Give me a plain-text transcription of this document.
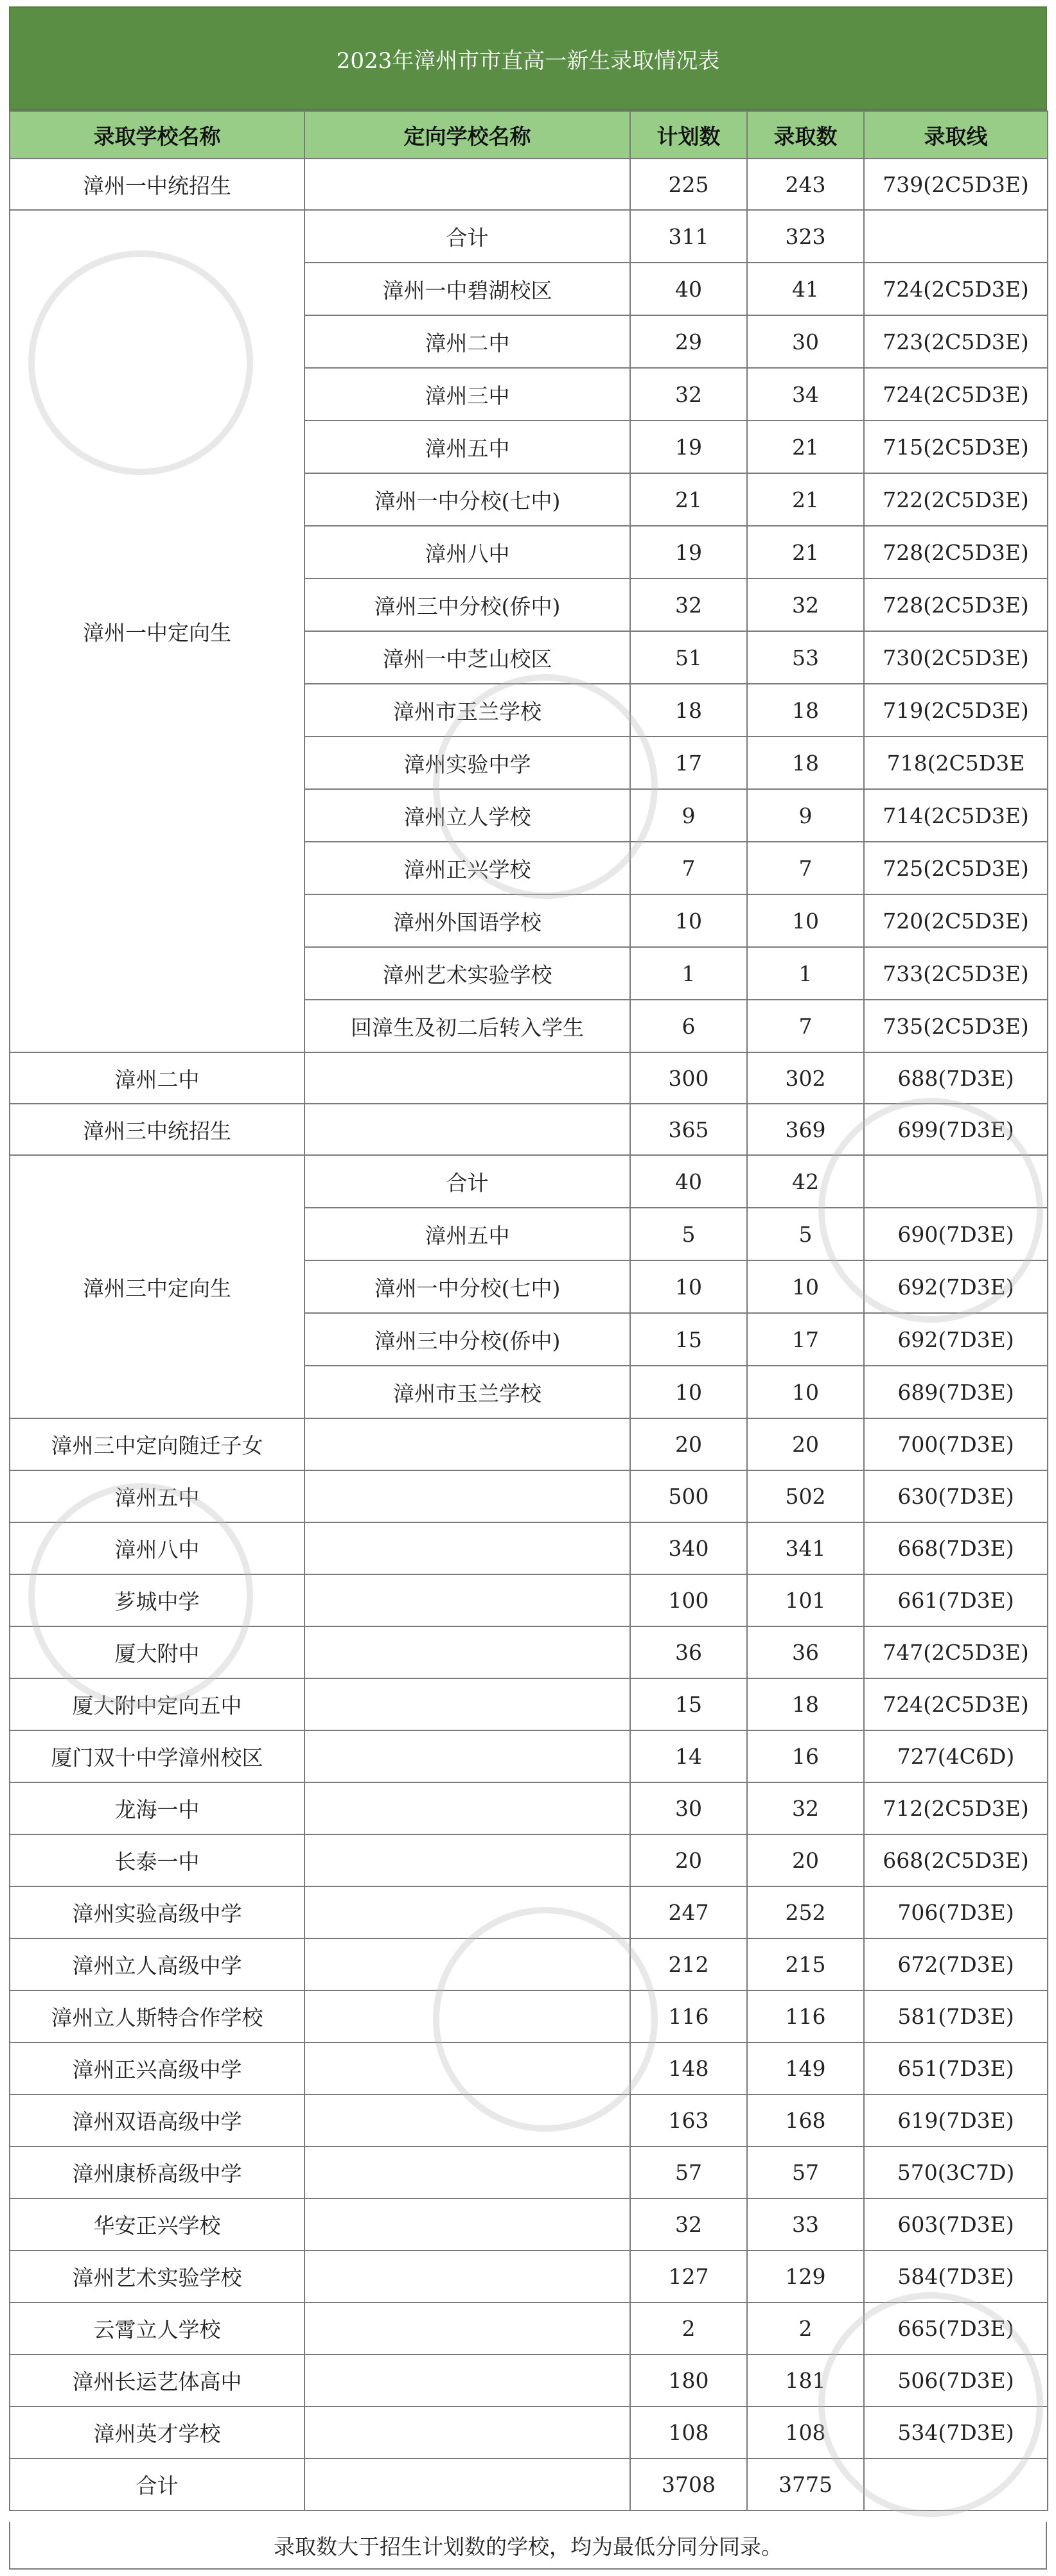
2023年漳州市市直高一新生录取情况表
录取学校名称	定向学校名称	计划数	录取数	录取线
漳州一中统招生		225	243	739(2C5D3E)
漳州一中定向生	合计	311	323	
	漳州一中碧湖校区	40	41	724(2C5D3E)
	漳州二中	29	30	723(2C5D3E)
	漳州三中	32	34	724(2C5D3E)
	漳州五中	19	21	715(2C5D3E)
	漳州一中分校(七中)	21	21	722(2C5D3E)
	漳州八中	19	21	728(2C5D3E)
	漳州三中分校(侨中)	32	32	728(2C5D3E)
	漳州一中芝山校区	51	53	730(2C5D3E)
	漳州市玉兰学校	18	18	719(2C5D3E)
	漳州实验中学	17	18	718(2C5D3E
	漳州立人学校	9	9	714(2C5D3E)
	漳州正兴学校	7	7	725(2C5D3E)
	漳州外国语学校	10	10	720(2C5D3E)
	漳州艺术实验学校	1	1	733(2C5D3E)
	回漳生及初二后转入学生	6	7	735(2C5D3E)
漳州二中		300	302	688(7D3E)
漳州三中统招生		365	369	699(7D3E)
漳州三中定向生	合计	40	42	
	漳州五中	5	5	690(7D3E)
	漳州一中分校(七中)	10	10	692(7D3E)
	漳州三中分校(侨中)	15	17	692(7D3E)
	漳州市玉兰学校	10	10	689(7D3E)
漳州三中定向随迁子女		20	20	700(7D3E)
漳州五中		500	502	630(7D3E)
漳州八中		340	341	668(7D3E)
芗城中学		100	101	661(7D3E)
厦大附中		36	36	747(2C5D3E)
厦大附中定向五中		15	18	724(2C5D3E)
厦门双十中学漳州校区		14	16	727(4C6D)
龙海一中		30	32	712(2C5D3E)
长泰一中		20	20	668(2C5D3E)
漳州实验高级中学		247	252	706(7D3E)
漳州立人高级中学		212	215	672(7D3E)
漳州立人斯特合作学校		116	116	581(7D3E)
漳州正兴高级中学		148	149	651(7D3E)
漳州双语高级中学		163	168	619(7D3E)
漳州康桥高级中学		57	57	570(3C7D)
华安正兴学校		32	33	603(7D3E)
漳州艺术实验学校		127	129	584(7D3E)
云霄立人学校		2	2	665(7D3E)
漳州长运艺体高中		180	181	506(7D3E)
漳州英才学校		108	108	534(7D3E)
合计		3708	3775	
录取数大于招生计划数的学校，均为最低分同分同录。
